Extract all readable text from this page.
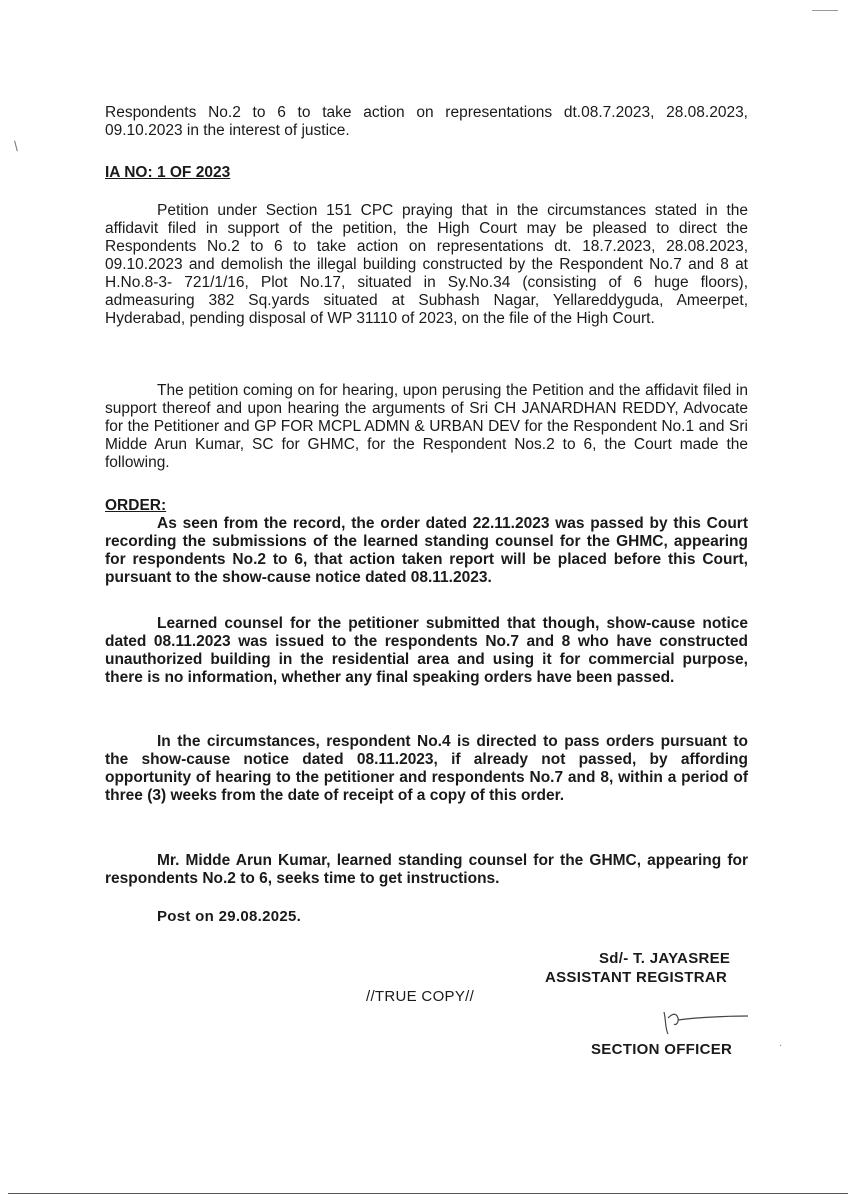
Respondents No.2 to 6 to take action on representations dt.08.7.2023, 28.08.2023, 09.10.2023 in the interest of justice.
/
IA NO: 1 OF 2023
Petition under Section 151 CPC praying that in the circumstances stated in the affidavit filed in support of the petition, the High Court may be pleased to direct the Respondents No.2 to 6 to take action on representations dt. 18.7.2023, 28.08.2023, 09.10.2023 and demolish the illegal building constructed by the Respondent No.7 and 8 at H.No.8-3- 721/1/16, Plot No.17, situated in Sy.No.34 (consisting of 6 huge floors), admeasuring 382 Sq.yards situated at Subhash Nagar, Yellareddyguda, Ameerpet, Hyderabad, pending disposal of WP 31110 of 2023, on the file of the High Court.
The petition coming on for hearing, upon perusing the Petition and the affidavit filed in support thereof and upon hearing the arguments of Sri CH JANARDHAN REDDY, Advocate for the Petitioner and GP FOR MCPL ADMN & URBAN DEV for the Respondent No.1 and Sri Midde Arun Kumar, SC for GHMC, for the Respondent Nos.2 to 6, the Court made the following.
ORDER:
As seen from the record, the order dated 22.11.2023 was passed by this Court recording the submissions of the learned standing counsel for the GHMC, appearing for respondents No.2 to 6, that action taken report will be placed before this Court, pursuant to the show-cause notice dated 08.11.2023.
Learned counsel for the petitioner submitted that though, show-cause notice dated 08.11.2023 was issued to the respondents No.7 and 8 who have constructed unauthorized building in the residential area and using it for commercial purpose, there is no information, whether any final speaking orders have been passed.
In the circumstances, respondent No.4 is directed to pass orders pursuant to the show-cause notice dated 08.11.2023, if already not passed, by affording opportunity of hearing to the petitioner and respondents No.7 and 8, within a period of three (3) weeks from the date of receipt of a copy of this order.
Mr. Midde Arun Kumar, learned standing counsel for the GHMC, appearing for respondents No.2 to 6, seeks time to get instructions.
Post on 29.08.2025.
Sd/- T. JAYASREE
ASSISTANT REGISTRAR
//TRUE COPY//
SECTION OFFICER	·
